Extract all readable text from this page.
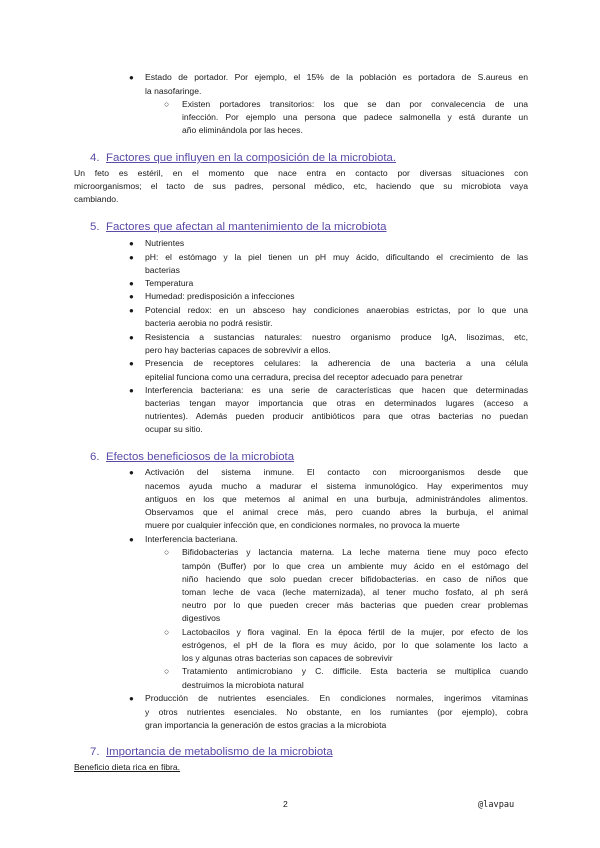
● Estado de portador. Por ejemplo, el 15% de la población es portadora de S.aureus en
la nasofaringe.
○ Existen portadores transitorios: los que se dan por convalecencia de una
infección. Por ejemplo una persona que padece salmonella y está durante un
año eliminándola por las heces.
4. Factores que influyen en la composición de la microbiota.
Un feto es estéril, en el momento que nace entra en contacto por diversas situaciones con
microorganismos; el tacto de sus padres, personal médico, etc, haciendo que su microbiota vaya
cambiando.
5. Factores que afectan al mantenimiento de la microbiota
● Nutrientes
● pH: el estómago y la piel tienen un pH muy ácido, dificultando el crecimiento de las
bacterias
● Temperatura
● Humedad: predisposición a infecciones
● Potencial redox: en un absceso hay condiciones anaerobias estrictas, por lo que una
bacteria aerobia no podrá resistir.
● Resistencia a sustancias naturales: nuestro organismo produce IgA, lisozimas, etc,
pero hay bacterias capaces de sobrevivir a ellos.
● Presencia de receptores celulares: la adherencia de una bacteria a una célula
epitelial funciona como una cerradura, precisa del receptor adecuado para penetrar
● Interferencia bacteriana: es una serie de características que hacen que determinadas
bacterias tengan mayor importancia que otras en determinados lugares (acceso a
nutrientes). Además pueden producir antibióticos para que otras bacterias no puedan
ocupar su sitio.
6. Efectos beneficiosos de la microbiota
● Activación del sistema inmune. El contacto con microorganismos desde que
nacemos ayuda mucho a madurar el sistema inmunológico. Hay experimentos muy
antiguos en los que metemos al animal en una burbuja, administrándoles alimentos.
Observamos que el animal crece más, pero cuando abres la burbuja, el animal
muere por cualquier infección que, en condiciones normales, no provoca la muerte
● Interferencia bacteriana.
○ Bifidobacterias y lactancia materna. La leche materna tiene muy poco efecto
tampón (Buffer) por lo que crea un ambiente muy ácido en el estómago del
niño haciendo que solo puedan crecer bifidobacterias. en caso de niños que
toman leche de vaca (leche maternizada), al tener mucho fosfato, al ph será
neutro por lo que pueden crecer más bacterias que pueden crear problemas
digestivos
○ Lactobacilos y flora vaginal. En la época fértil de la mujer, por efecto de los
estrógenos, el pH de la flora es muy ácido, por lo que solamente los lacto a
los y algunas otras bacterias son capaces de sobrevivir
○ Tratamiento antimicrobiano y C. difficile. Esta bacteria se multiplica cuando
destruimos la microbiota natural
● Producción de nutrientes esenciales. En condiciones normales, ingerimos vitaminas
y otros nutrientes esenciales. No obstante, en los rumiantes (por ejemplo), cobra
gran importancia la generación de estos gracias a la microbiota
7. Importancia de metabolismo de la microbiota
Beneficio dieta rica en fibra.
2	@lavpau
